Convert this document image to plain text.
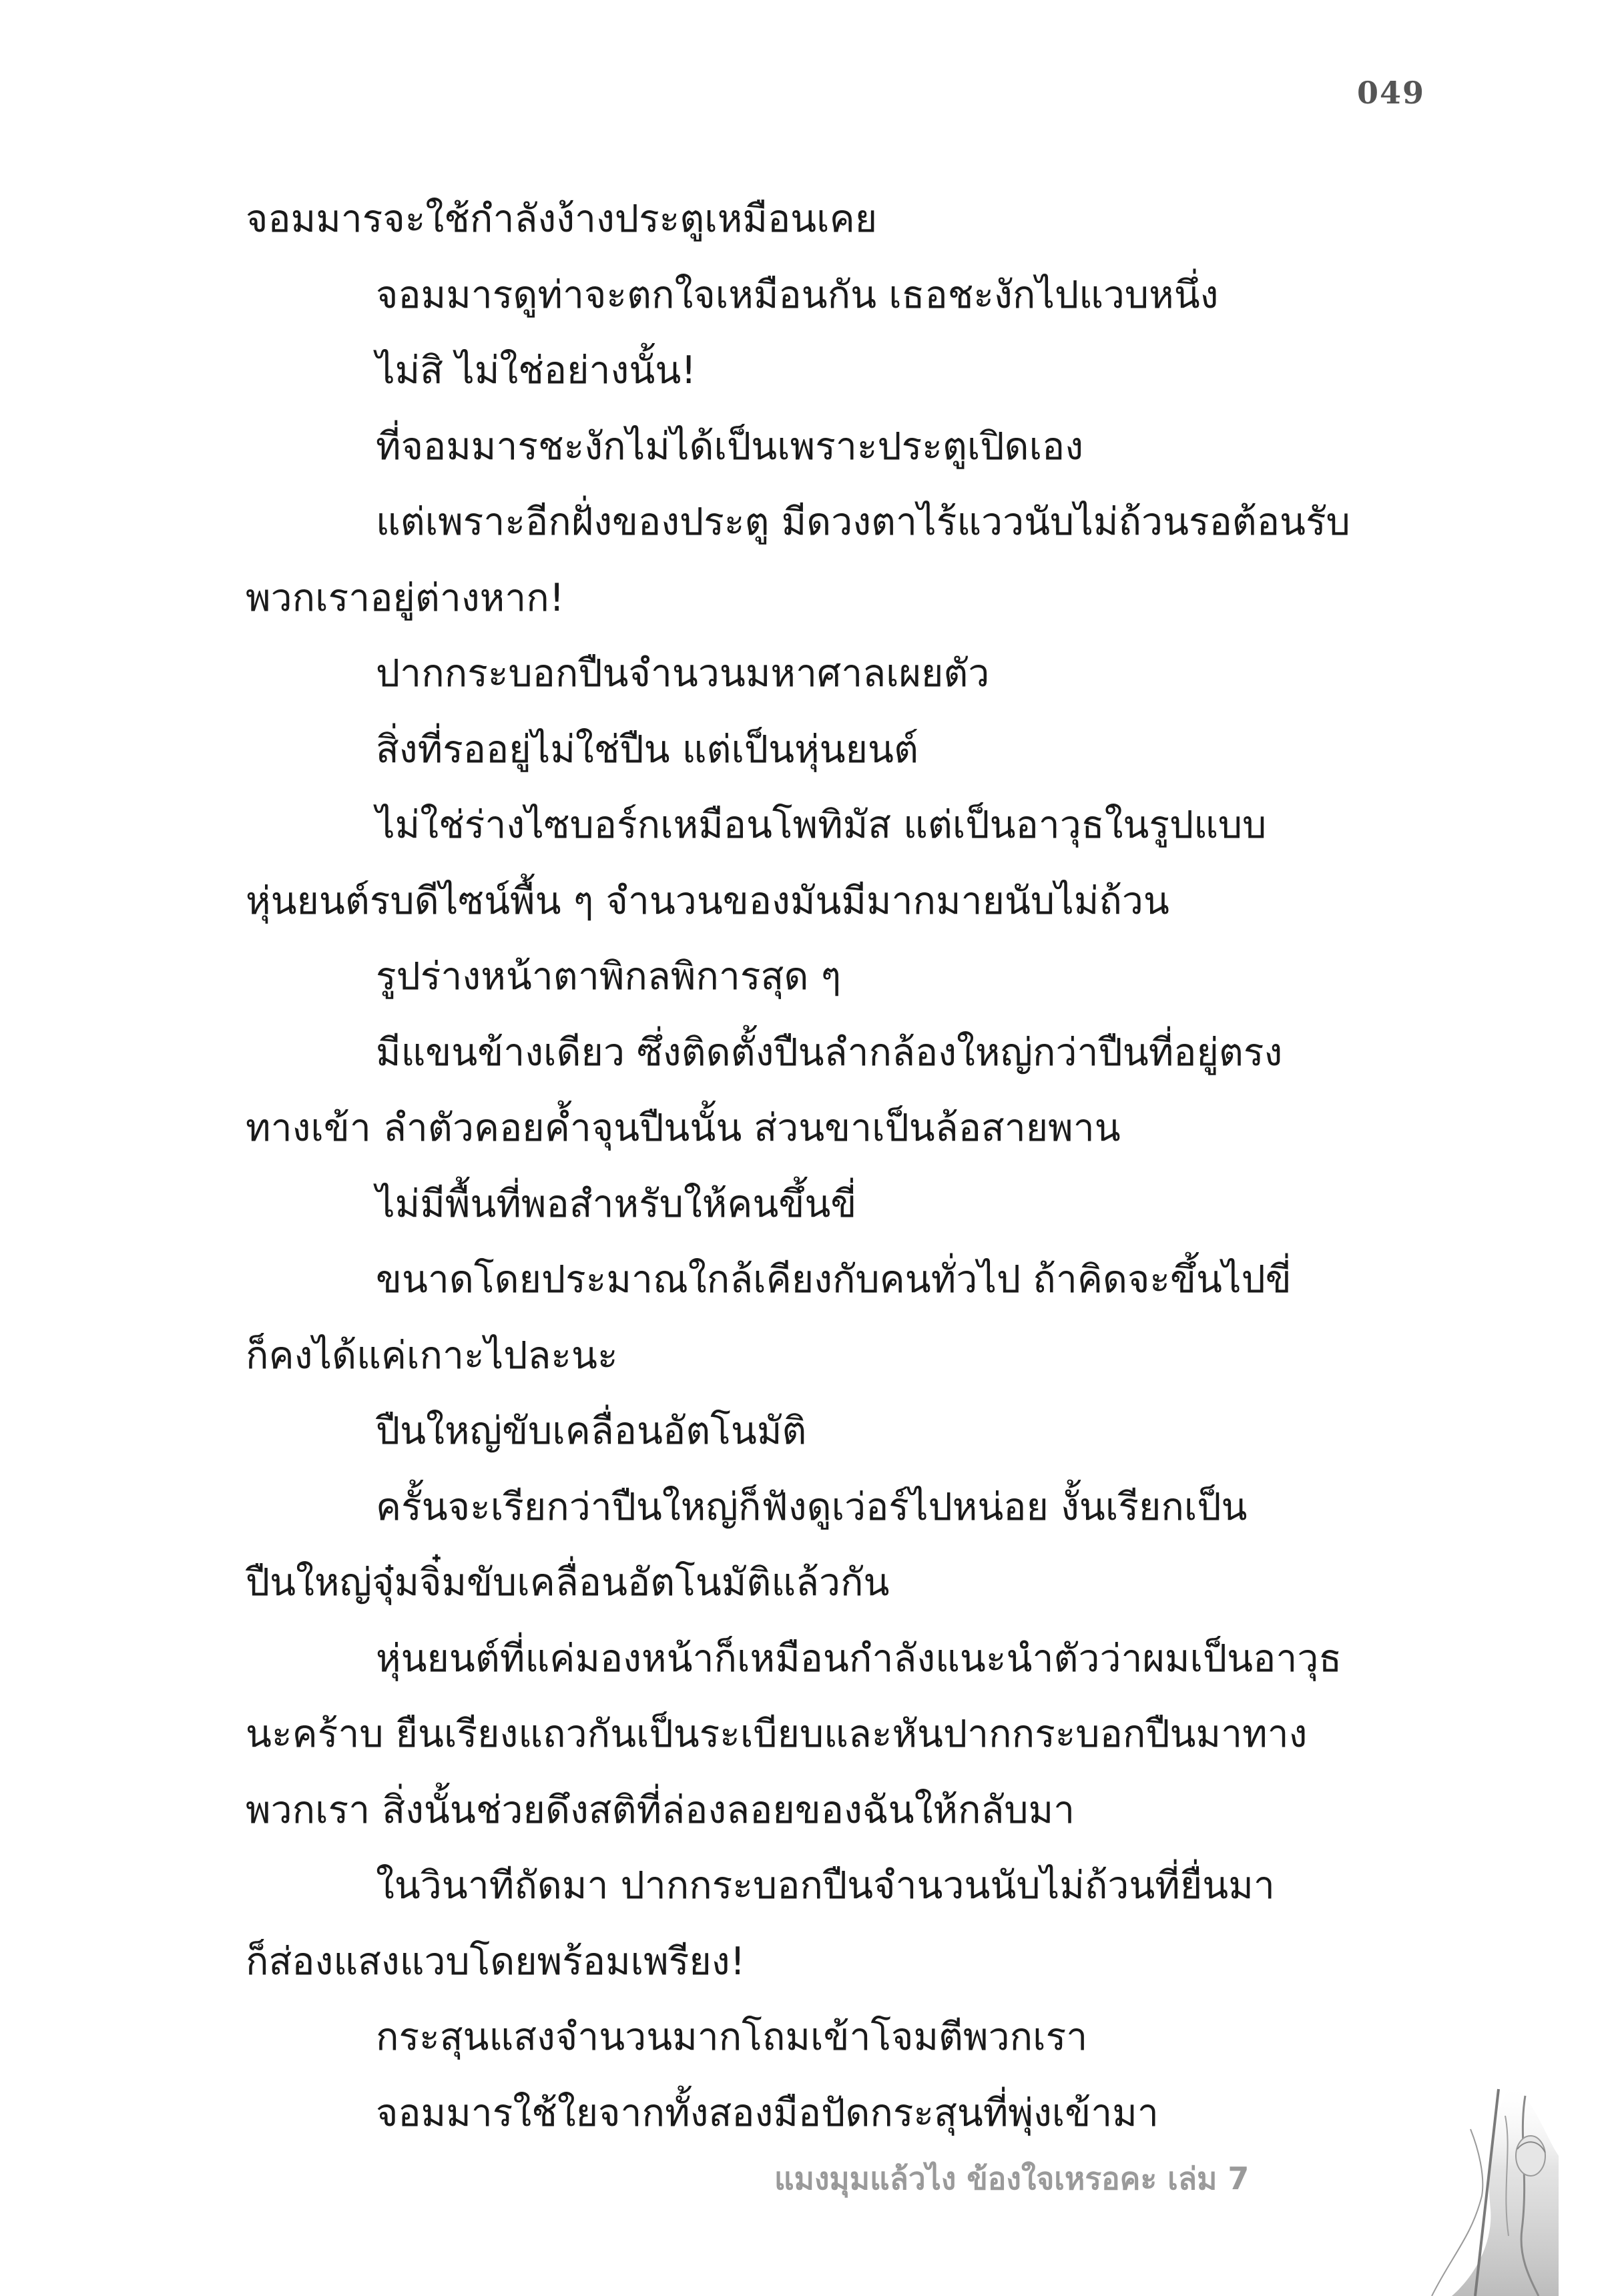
049

จอมมารจะใช้กำลังง้างประตูเหมือนเคย

จอมมารดูท่าจะตกใจเหมือนกัน เธอชะงักไปแวบหนึ่ง

ไม่สิ ไม่ใช่อย่างนั้น!

ที่จอมมารชะงักไม่ได้เป็นเพราะประตูเปิดเอง

แต่เพราะอีกฝั่งของประตู มีดวงตาไร้แววนับไม่ถ้วนรอต้อนรับ

พวกเราอยู่ต่างหาก!

ปากกระบอกปืนจำนวนมหาศาลเผยตัว

สิ่งที่รออยู่ไม่ใช่ปืน แต่เป็นหุ่นยนต์

ไม่ใช่ร่างไซบอร์กเหมือนโพทิมัส แต่เป็นอาวุธในรูปแบบ

หุ่นยนต์รบดีไซน์พื้น ๆ จำนวนของมันมีมากมายนับไม่ถ้วน

รูปร่างหน้าตาพิกลพิการสุด ๆ

มีแขนข้างเดียว ซึ่งติดตั้งปืนลำกล้องใหญ่กว่าปืนที่อยู่ตรง

ทางเข้า ลำตัวคอยค้ำจุนปืนนั้น ส่วนขาเป็นล้อสายพาน

ไม่มีพื้นที่พอสำหรับให้คนขึ้นขี่

ขนาดโดยประมาณใกล้เคียงกับคนทั่วไป ถ้าคิดจะขึ้นไปขี่

ก็คงได้แค่เกาะไปละนะ

ปืนใหญ่ขับเคลื่อนอัตโนมัติ

ครั้นจะเรียกว่าปืนใหญ่ก็ฟังดูเว่อร์ไปหน่อย งั้นเรียกเป็น

ปืนใหญ่จุ๋มจิ๋มขับเคลื่อนอัตโนมัติแล้วกัน

หุ่นยนต์ที่แค่มองหน้าก็เหมือนกำลังแนะนำตัวว่าผมเป็นอาวุธ

นะคร้าบ ยืนเรียงแถวกันเป็นระเบียบและหันปากกระบอกปืนมาทาง

พวกเรา สิ่งนั้นช่วยดึงสติที่ล่องลอยของฉันให้กลับมา

ในวินาทีถัดมา ปากกระบอกปืนจำนวนนับไม่ถ้วนที่ยื่นมา

ก็ส่องแสงแวบโดยพร้อมเพรียง!

กระสุนแสงจำนวนมากโถมเข้าโจมตีพวกเรา

จอมมารใช้ใยจากทั้งสองมือปัดกระสุนที่พุ่งเข้ามา

แมงมุมแล้วไง ข้องใจเหรอคะ เล่ม 7
